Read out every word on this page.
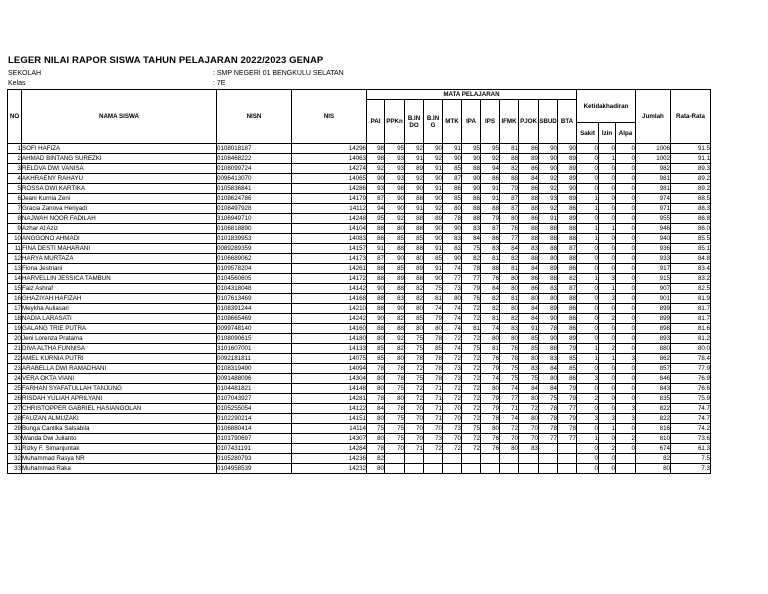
LEGER NILAI RAPOR SISWA TAHUN PELAJARAN 2022/2023 GENAP
SEKOLAH	: SMP NEGERI 01 BENGKULU SELATAN
Kelas	: 7E
NO	NAMA SISWA	NISN	NIS	MATA PELAJARAN											Ketidakhadiran			Jumlah	Rata-Rata
				PAI	PPKn	B.IN DO	B.IN G	MTK	IPA	IPS	IFMK	PJOK	SBUD	BTA					
															Sakit	Izin	Alpa		
1	SOFI HAFIZA	0108018187	14296	98	95	92	90	91	95	95	81	86	90	90	0	0	0	1006	91.5
2	AHMAD BINTANG SUREZKI	0108468222	14063	98	93	91	92	90	90	92	88	89	90	89	0	1	0	1002	91.1
3	RELDVA DWI VANISA	0108099724	14274	92	93	89	91	85	88	94	82	86	90	89	0	0	0	982	89.3
4	AKHRAENY RAHAYU	0096413070	14065	90	93	92	90	87	90	86	88	84	92	89	0	0	0	981	89.2
5	ROSSA DWI KARTIKA	0105836841	14286	93	98	90	91	86	90	91	79	86	92	90	0	0	0	981	89.2
6	Jeani Kurnia Zeni	0108624786	14179	87	90	88	90	85	86	91	87	88	93	89	1	0	0	974	88.5
7	Gracia Zanova Heriyadi	0108497928	14112	94	90	91	92	80	88	88	87	88	92	86	1	0	0	971	88.3
8	NAJWAH NOOR FADILAH	3106949710	14248	95	92	88	89	78	88	79	80	86	91	89	0	0	0	955	86.8
9	Azhar Al Aziz	0106818890	14104	88	80	88	90	90	83	87	76	88	88	88	1	1	0	946	86.0
10	ANGGONO AHMADI	0101839953	14083	86	85	85	90	83	84	86	77	88	88	88	1	0	0	940	85.5
11	FINA DESTI MAHARANI	0089289359	14157	91	88	88	91	83	75	83	84	83	88	87	0	0	0	936	85.1
12	HARYA MURTAZA	0106689062	14173	87	90	80	85	90	82	81	82	88	80	88	0	0	0	933	84.8
13	Fiona Jestriani	0109578204	14261	88	85	89	91	74	78	88	81	84	89	86	0	0	0	917	83.4
14	HARVELLIN JESSICA TAMBUN	0104560605	14172	88	89	88	90	77	77	76	80	86	88	82	1	3	0	915	83.2
15	Faiz Ashraf	0104318048	14142	90	88	82	75	73	79	84	80	86	83	87	0	1	0	907	82.5
16	GHAZIYAH HAFIZAH	0107613469	14168	88	83	82	81	80	76	82	81	80	80	88	0	3	0	901	81.9
17	Meykha Auliasari	0108391244	14210	88	90	80	74	74	72	82	80	84	89	86	0	0	0	899	81.7
18	NADIA LARASATI	0108665469	14242	90	82	85	79	74	72	81	82	84	90	86	0	2	0	899	81.7
19	GALANG TRIE PUTRA	0099748140	14160	88	88	80	80	74	81	74	83	91	78	86	0	0	0	898	81.6
20	Jeni Lorenza Pratama	0108090615	14180	80	92	75	78	72	72	80	80	85	90	89	0	0	0	893	81.2
21	DIVA ALTHA FUNNISA	3101607001	14133	85	82	75	85	74	75	81	76	85	88	79	1	2	0	880	80.0
22	AMEL KURNIA PUTRI	0092181811	14075	85	80	78	78	72	72	76	78	80	83	85	1	1	3	862	78.4
23	ARABELLA DWI RAMADHANI	0108319490	14094	78	78	72	78	73	72	79	75	83	84	85	0	0	0	857	77.9
24	VERA OKTA VIANI	0091488096	14304	80	78	75	78	73	72	74	75	75	80	86	3	0	0	846	76.9
25	FARHAN SYAFATULLAH TANJUNG	0104481821	14148	80	75	72	71	72	72	80	74	84	84	79	0	0	0	843	76.6
26	RISDAH YULIAH APRILYANI	0107043927	14281	78	80	72	71	72	72	79	77	80	75	79	2	0	0	835	75.9
27	CHRISTOPPER GABRIEL HASIANGOLAN	0105255054	14122	84	78	70	71	70	72	79	71	72	78	77	0	0	3	822	74.7
28	FAUZAN ALMUZAKI	0102290214	14151	80	75	70	71	70	72	78	74	80	78	79	3	3	3	822	74.7
29	Bunga Cantika Salsabila	0106880414	14114	75	75	70	70	73	75	80	72	70	78	78	0	1	0	816	74.2
30	Wanda Dwi Julianto	0101790697	14307	80	75	70	73	70	72	76	70	70	77	77	1	0	2	810	73.6
31	Rizky F. Simanjuntak	0107431191	14284	78	70	71	72	72	72	76	80	83			0	2	0	674	61.3
32	Muhammad Rasya NR	0105280793	14236	82											0	0		82	7.5
33	Muhammad Raka	0104958539	14232	80											0	0		80	7.3
